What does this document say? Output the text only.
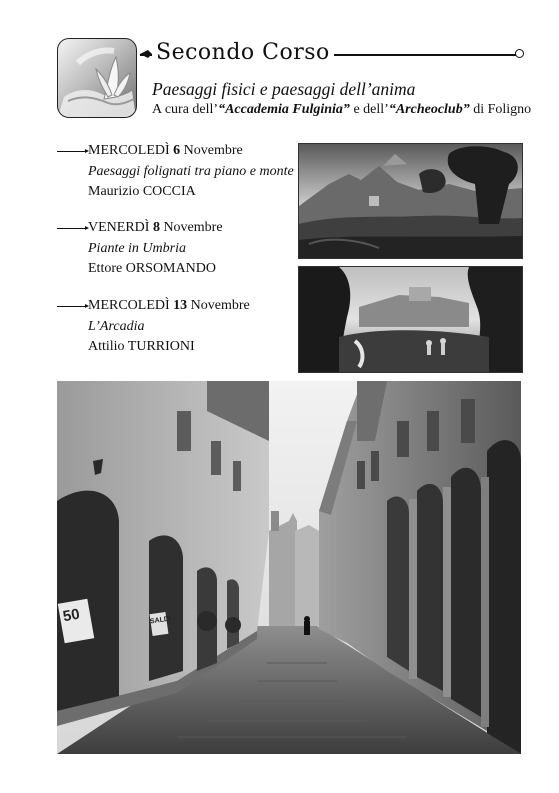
Secondo Corso
Paesaggi fisici e paesaggi dell’anima
A cura dell’“Accademia Fulginia” e dell’“Archeoclub” di Foligno
MERCOLEDÌ 6 Novembre
Paesaggi folignati tra piano e monte
Maurizio COCCIA
VENERDÌ 8 Novembre
Piante in Umbria
Ettore ORSOMANDO
MERCOLEDÌ 13 Novembre
L’Arcadia
Attilio TURRIONI
50	SALDI
